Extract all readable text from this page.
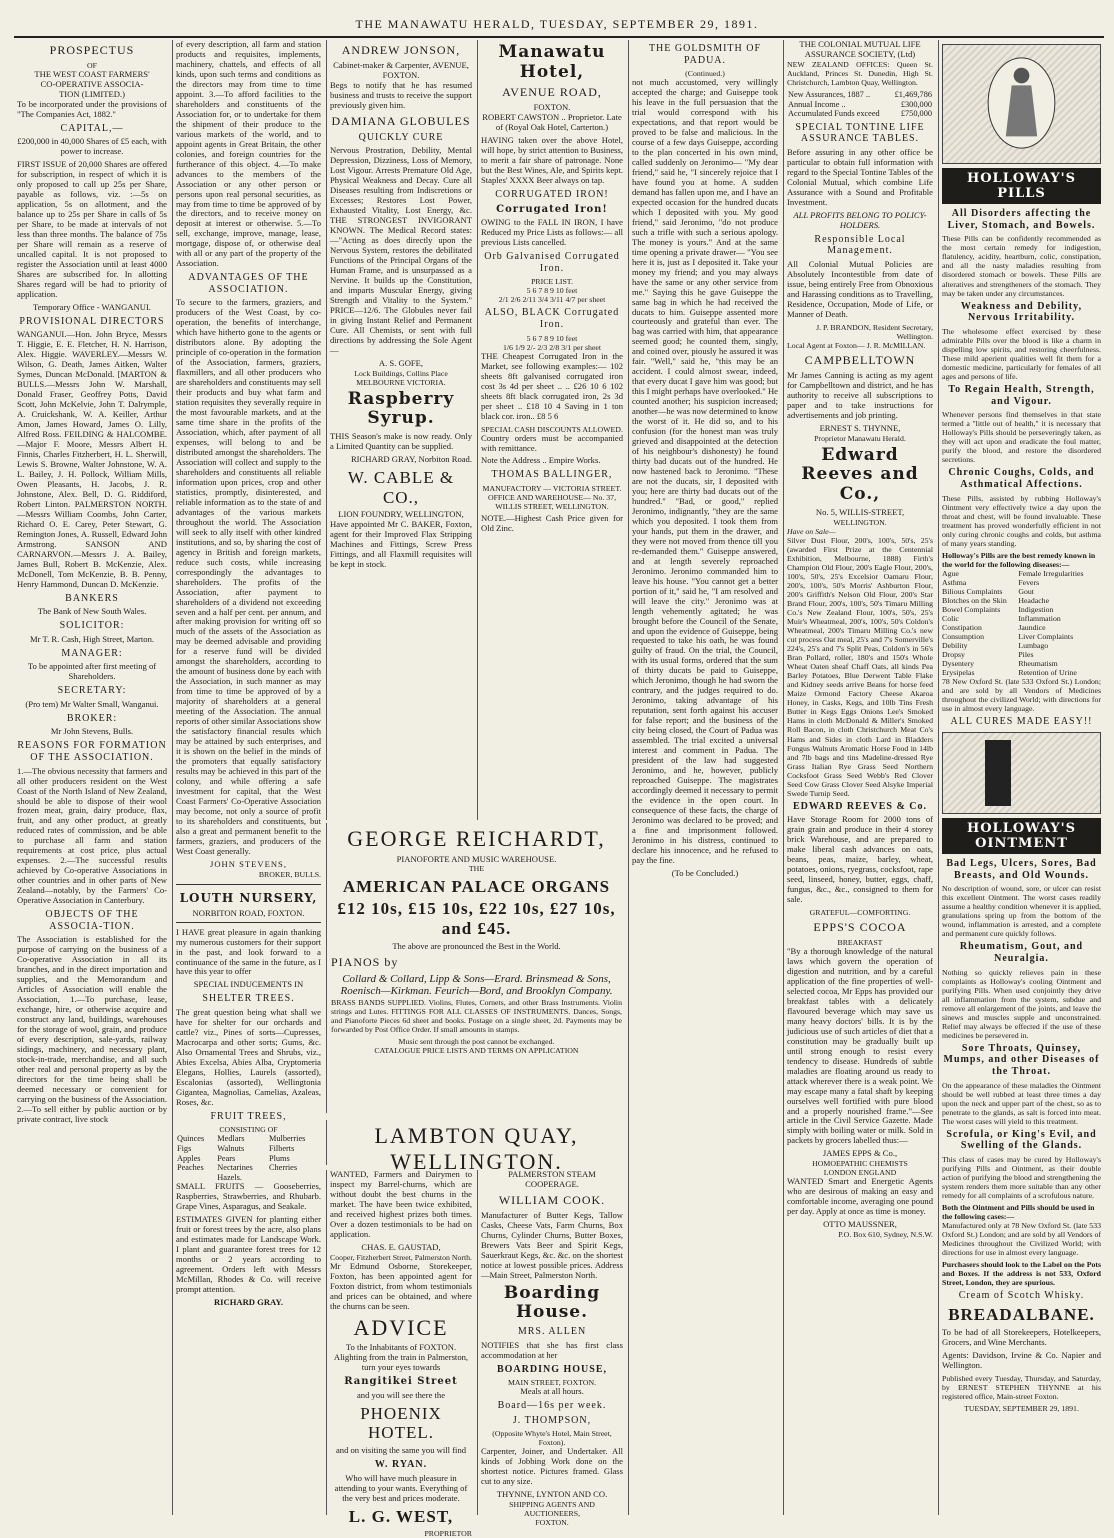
THE MANAWATU HERALD, TUESDAY, SEPTEMBER 29, 1891.
PROSPECTUS
OF
THE WEST COAST FARMERS'
CO-OPERATIVE ASSOCIA-
TION (LIMITED.)

To be incorporated under the provisions of "The Companies Act, 1882."

CAPITAL,—

£200,000 in 40,000 Shares of £5 each, with power to increase.

FIRST ISSUE of 20,000 Shares are offered for subscription, in respect of which it is only proposed to call up 25s per Share, payable as follows, viz. :—5s on application, 5s on allotment, and the balance up to 25s per Share in calls of 5s per Share, to be made at intervals of not less than three months. The balance of 75s per Share will remain as a reserve of uncalled capital. It is not proposed to register the Association until at least 4000 Shares are subscribed for. In allotting Shares regard will be had to priority of application.

Temporary Office - WANGANUI.

PROVISIONAL DIRECTORS

WANGANUI.—Hon. John Bryce, Messrs T. Higgie, E. E. Fletcher, H. N. Harrison, Alex. Higgie. WAVERLEY.—Messrs W. Wilson, G. Death, James Aitken, Walter Symes, Duncan McDonald. [MARTON & BULLS.—Messrs John W. Marshall, Donald Fraser, Geoffrey Potts, David Scott, John McKelvie, John T. Dalrymple, A. Cruickshank, W. A. Keiller, Arthur Amon, James Howard, James O. Lilly, Alfred Ross. FEILDING & HALCOMBE.—Major F. Moore, Messrs Albert H. Finnis, Charles Fitzherbert, H. L. Sherwill, Lewis S. Browne, Walter Johnstone, W. A. L. Bailey, J. H. Pollock, William Mills, Owen Pleasants, H. Jacobs, J. R. Johnstone, Alex. Bell, D. G. Riddiford, Robert Linton. PALMERSTON NORTH.—Messrs William Coombs, John Carter, Richard O. E. Carey, Peter Stewart, G. Remington Jones, A. Russell, Edward John Armstrong. SANSON AND CARNARVON.—Messrs J. A. Bailey, James Bull, Robert B. McKenzie, Alex. McDonell, Tom McKenzie, B. B. Penny, Henry Hammond, Duncan D. McKenzie.

BANKERS

The Bank of New South Wales.

SOLICITOR:

Mr T. R. Cash, High Street, Marton.

MANAGER:

To be appointed after first meeting of Shareholders.

SECRETARY:

(Pro tem) Mr Walter Small, Wanganui.

BROKER:

Mr John Stevens, Bulls.

REASONS FOR FORMATION OF THE ASSOCIATION.

1.—The obvious necessity that farmers and all other producers resident on the West Coast of the North Island of New Zealand, should be able to dispose of their wool frozen meat, grain, dairy produce, flax, fruit, and any other product, at greatly reduced rates of commission, and be able to purchase all farm and station requirements at cost price, plus actual expenses. 2.—The successful results achieved by Co-operative Associations in other countries and in other parts of New Zealand—notably, by the Farmers' Co-Operative Association in Canterbury.

OBJECTS OF THE ASSOCIA-TION.

The Association is established for the purpose of carrying on the business of a Co-operative Association in all its branches, and in the direct importation and supplies, and the Memorandum and Articles of Association will enable the Association, 1.—To purchase, lease, exchange, hire, or otherwise acquire and construct any land, buildings, warehouses for the storage of wool, grain, and produce of every description, sale-yards, railway sidings, machinery, and necessary plant, stock-in-trade, merchandise, and all such other real and personal property as by the directors for the time being shall be deemed necessary or convenient for carrying on the business of the Association. 2.—To sell either by public auction or by private contract, live stock

of every description, all farm and station products and requisites, implements, machinery, chattels, and effects of all kinds, upon such terms and conditions as the directors may from time to time appoint. 3.—To afford facilities to the shareholders and constituents of the Association for, or to undertake for them the shipment of their produce to the various markets of the world, and to appoint agents in Great Britain, the other colonies, and foreign countries for the furtherance of this object. 4.—To make advances to the members of the Association or any other person or persons upon real personal securities, as may from time to time be approved of by the directors, and to receive money on deposit at interest or otherwise. 5.—To sell, exchange, improve, manage, lease, mortgage, dispose of, or otherwise deal with all or any part of the property of the Association.

ADVANTAGES OF THE ASSOCIATION.

To secure to the farmers, graziers, and producers of the West Coast, by co-operation, the benefits of interchange, which have hitherto gone to the agents or distributors alone. By adopting the principle of co-operation in the formation of the Association, farmers, graziers, flaxmillers, and all other producers who are shareholders and constituents may sell their products and buy what farm and station requisites they severally require in the most favourable markets, and at the same time share in the profits of the Association, which, after payment of all expenses, will belong to and be distributed amongst the shareholders. The Association will collect and supply to the shareholders and constituents all reliable information upon prices, crop and other statistics, promptly, disinterested, and reliable information as to the state of and advantages of the various markets throughout the world. The Association will seek to ally itself with other kindred institutions, and so, by sharing the cost of agency in British and foreign markets, reduce such costs, while increasing correspondingly the advantages to shareholders. The profits of the Association, after payment to shareholders of a dividend not exceeding seven and a half per cent. per annum, and after making provision for writing off so much of the assets of the Association as may be deemed advisable and providing for a reserve fund will be divided amongst the shareholders, according to the amount of business done by each with the Association, in such manner as may from time to time be approved of by a majority of shareholders at a general meeting of the Association. The annual reports of other similar Associations show the satisfactory financial results which may be attained by such enterprises, and it is shown on the belief in the minds of the promoters that equally satisfactory results may be achieved in this part of the colony, and while offering a safe investment for capital, that the West Coast Farmers' Co-Operative Association may become, not only a source of profit to its shareholders and constituents, but also a great and permanent benefit to the farmers, graziers, and producers of the West Coast generally.

JOHN STEVENS,
BROKER, BULLS.
LOUTH NURSERY,
NORBITON ROAD, FOXTON.

I HAVE great pleasure in again thanking my numerous customers for their support in the past, and look forward to a continuance of the same in the future, as I have this year to offer

SPECIAL INDUCEMENTS IN
SHELTER TREES.

The great question being what shall we have for shelter for our orchards and cattle? viz., Pines of sorts—Cupresses, Macrocarpa and other sorts; Gums, &c. Also Ornamental Trees and Shrubs, viz., Abies Excelsa, Abies Alba, Cryptomeria Elegans, Hollies, Laurels (assorted), Escalonias (assorted), Wellingtonia Gigantea, Magnolias, Camelias, Azaleas, Roses, &c.

FRUIT TREES,
CONSISTING OF
Quinces	Medlars	Mulberries
Figs	Walnuts	Filberts
Apples	Pears	Plums
Peaches	Nectarines	Cherries
	Hazels.	

SMALL FRUITS — Gooseberries, Raspberries, Strawberries, and Rhubarb. Grape Vines, Asparagus, and Seakale.

ESTIMATES GIVEN for planting either fruit or forest trees by the acre, also plans and estimates made for Landscape Work. I plant and guarantee forest trees for 12 months or 2 years according to agreement. Orders left with Messrs McMillan, Rhodes & Co. will receive prompt attention.

RICHARD GRAY.
ANDREW JONSON,
Cabinet-maker & Carpenter, AVENUE, FOXTON.

Begs to notify that he has resumed business and trusts to receive the support previously given him.

DAMIANA GLOBULES
QUICKLY CURE

Nervous Prostration, Debility, Mental Depression, Dizziness, Loss of Memory, Lost Vigour. Arrests Premature Old Age, Physical Weakness and Decay. Cure all Diseases resulting from Indiscretions or Excesses; Restores Lost Power, Exhausted Vitality, Lost Energy, &c. THE STRONGEST INVIGORANT KNOWN. The Medical Record states:—"Acting as does directly upon the Nervous System, restores the debilitated Functions of the Principal Organs of the Human Frame, and is unsurpassed as a Nervine. It builds up the Constitution, and imparts Muscular Energy, giving Strength and Vitality to the System." PRICE—12/6. The Globules never fail in giving Instant Relief and Permanent Cure. All Chemists, or sent with full directions by addressing the Sole Agent—

A. S. GOFE,
Lock Buildings, Collins Place MELBOURNE VICTORIA.
Raspberry Syrup.

THIS Season's make is now ready. Only a Limited Quantity can be supplied.

RICHARD GRAY, Norbiton Road.
W. CABLE & CO.,
LION FOUNDRY, WELLINGTON,

Have appointed Mr C. BAKER, Foxton, agent for their Improved Flax Stripping Machines and Fittings, Screw Press Fittings, and all Flaxmill requisites will be kept in stock.

Manawatu Hotel,
AVENUE ROAD,
FOXTON.

ROBERT CAWSTON .. Proprietor. Late of (Royal Oak Hotel, Carterton.)

HAVING taken over the above Hotel, will hope, by strict attention to Business, to merit a fair share of patronage. None but the Best Wines, Ale, and Spirits kept. Staples' XXXX Beer always on tap.

CORRUGATED IRON!
Corrugated Iron!

OWING to the FALL IN IRON, I have Reduced my Price Lists as follows:— all previous Lists cancelled.

Orb Galvanised Corrugated Iron.
PRICE LIST.
5 6 7 8 9 10 feet
2/1 2/6 2/11 3/4 3/11 4/7 per sheet
ALSO, BLACK Corrugated Iron.
5 6 7 8 9 10 feet
1/6 1/9 2/- 2/3 2/8 3/1 per sheet

THE Cheapest Corrugated Iron in the Market, see following examples:— 102 sheets 8ft galvanised corrugated iron cost 3s 4d per sheet .. .. £26 10 6 102 sheets 8ft black corrugated iron, 2s 3d per sheet .. £18 10 4 Saving in 1 ton black cor. iron.. £8 5 6

SPECIAL CASH DISCOUNTS ALLOWED.

Country orders must be accompanied with remittance.

Note the Address .. Empire Works.

THOMAS BALLINGER,

MANUFACTORY — VICTORIA STREET. OFFICE AND WAREHOUSE— No. 37, WILLIS STREET, WELLINGTON.

NOTE.—Highest Cash Price given for Old Zinc.

GEORGE REICHARDT,
PIANOFORTE AND MUSIC WAREHOUSE.
THE
AMERICAN PALACE ORGANS
£12 10s, £15 10s, £22 10s, £27 10s, and £45.
The above are pronounced the Best in the World.
PIANOS by
Collard & Collard, Lipp & Sons—Erard. Brinsmead & Sons, Roenisch—Kirkman. Feurich—Bord, and Brooklyn Company.

BRASS BANDS SUPPLIED. Violins, Flutes, Cornets, and other Brass Instruments. Violin strings and Lutes. FITTINGS FOR ALL CLASSES OF INSTRUMENTS. Dances, Songs, and Pianoforte Pieces 6d sheet and books. Postage on a single sheet, 2d. Payments may be forwarded by Post Office Order. If small amounts in stamps.

Music sent through the post cannot be exchanged.
CATALOGUE PRICE LISTS AND TERMS ON APPLICATION
LAMBTON QUAY, WELLINGTON.

WANTED, Farmers and Dairymen to inspect my Barrel-churns, which are without doubt the best churns in the market. The have been twice exhibited, and received highest prizes both times. Over a dozen testimonials to be had on application.

CHAS. E. GAUSTAD,
Cooper, Fitzherbert Street, Palmerston North.

Mr Edmund Osborne, Storekeeper, Foxton, has been appointed agent for Foxton district, from whom testimonials and prices can be obtained, and where the churns can be seen.

ADVICE
To the Inhabitants of FOXTON.

Alighting from the train in Palmerston, turn your eyes towards

Rangitikei Street
and you will see there the
PHOENIX HOTEL.
and on visiting the same you will find
W. RYAN.

Who will have much pleasure in attending to your wants. Everything of the very best and prices moderate.

L. G. WEST,
PROPRIETOR
PALMERSTON STEAM COOPERAGE.
WILLIAM COOK.

Manufacturer of Butter Kegs, Tallow Casks, Cheese Vats, Farm Churns, Box Churns, Cylinder Churns, Butter Boxes, Brewers Vats Beer and Spirit Kegs, Sauerkraut Kegs, &c. &c. on the shortest notice at lowest possible prices. Address—Main Street, Palmerston North.

Boarding House.
MRS. ALLEN

NOTIFIES that she has first class accommodation at her

BOARDING HOUSE,
MAIN STREET, FOXTON.
Meals at all hours.
Board—16s per week.
J. THOMPSON,
(Opposite Whyte's Hotel, Main Street, Foxton).

Carpenter, Joiner, and Undertaker. All kinds of Jobbing Work done on the shortest notice. Pictures framed. Glass cut to any size.

THYNNE, LYNTON AND CO.
SHIPPING AGENTS AND AUCTIONEERS,
FOXTON.
THE GOLDSMITH OF PADUA.
(Continued.)

not much accustomed, very willingly accepted the charge; and Guiseppe took his leave in the full persuasion that the trial would correspond with his expectations, and that report would be proved to be false and malicious. In the course of a few days Guiseppe, according to the plan concerted in his own mind, called suddenly on Jeronimo— "My dear friend," said he, "I sincerely rejoice that I have found you at home. A sudden demand has fallen upon me, and I have an expected occasion for the hundred ducats which I deposited with you. My good friend," said Jeronimo, "do not produce such a trifle with such a serious apology. The money is yours." And at the same time opening a private drawer— "You see here it is, just as I deposited it. Take your money my friend; and you may always have the same or any other service from me." Saying this he gave Guiseppe the same bag in which he had received the ducats to him. Guiseppe assented more courteously and grateful than ever. The bag was carried with him, that appearance seemed good; he counted them, singly, and coined over, piously he assured it was fair. "Well," said he, "this may be an accident. I could almost swear, indeed, that every ducat I gave him was good; but this I might perhaps have overlooked." He counted another; his suspicion increased; another—he was now determined to know the worst of it. He did so, and to his confusion (for the honest man was truly grieved and disappointed at the detection of his neighbour's dishonesty) he found thirty bad ducats out of the hundred. He now hastened back to Jeronimo. "These are not the ducats, sir, I deposited with you; here are thirty bad ducats out of the hundred." "Bad, or good," replied Jeronimo, indignantly, "they are the same which you deposited. I took them from your hands, put them in the drawer, and they were not moved from thence till you re-demanded them." Guiseppe answered, and at length severely reproached Jeronimo. Jeronimo commanded him to leave his house. "You cannot get a better portion of it," said he, "I am resolved and will leave the city." Jeronimo was at length vehemently agitated; he was brought before the Council of the Senate, and upon the evidence of Guiseppe, being requested to take his oath, he was found guilty of fraud. On the trial, the Council, with its usual forms, ordered that the sum of thirty ducats be paid to Guiseppe, which Jeronimo, though he had sworn the contrary, and the judges required to do. Jeronimo, taking advantage of his reputation, sent forth against his accuser for false report; and the business of the city being closed, the Court of Padua was assembled. The trial excited a universal interest and comment in Padua. The president of the law had suggested Jeronimo, and he, however, publicly reproached Guiseppe. The magistrates accordingly deemed it necessary to permit the evidence in the open court. In consequence of these facts, the charge of Jeronimo was declared to be proved; and a fine and imprisonment followed. Jeronimo in his distress, continued to declare his innocence, and he refused to pay the fine.

(To be Concluded.)
THE COLONIAL MUTUAL LIFE ASSURANCE SOCIETY, (Ltd)

NEW ZEALAND OFFICES: Queen St. Auckland, Princes St. Dunedin, High St. Christchurch, Lambton Quay, Wellington.

New Assurances, 1887 ..	£1,469,786
Annual Income ..	£300,000
Accumulated Funds exceed	£750,000
SPECIAL TONTINE LIFE ASSURANCE TABLES.

Before assuring in any other office be particular to obtain full information with regard to the Special Tontine Tables of the Colonial Mutual, which combine Life Assurance with a Sound and Profitable Investment.

ALL PROFITS BELONG TO POLICY-HOLDERS.
Responsible Local Management.

All Colonial Mutual Policies are Absolutely Incontestible from date of issue, being entirely Free from Obnoxious and Harassing conditions as to Travelling, Residence, Occupation, Mode of Life, or Manner of Death.

J. P. BRANDON, Resident Secretary, Wellington.
Local Agent at Foxton— J. R. McMILLAN.
CAMPBELLTOWN

Mr James Canning is acting as my agent for Campbelltown and district, and he has authority to receive all subscriptions to paper and to take instructions for advertisements and job printing.

ERNEST S. THYNNE,
Proprietor Manawatu Herald.
Edward Reeves and Co.,
No. 5, WILLIS-STREET,
WELLINGTON.
Have on Sale—

Silver Dust Flour, 200's, 100's, 50's, 25's (awarded First Prize at the Centennial Exhibition, Melbourne, 1888) Firth's Champion Old Flour, 200's Eagle Flour, 200's, 100's, 50's, 25's Excelsior Oamaru Flour, 200's, 100's, 50's Morris' Ashburton Flour, 200's Griffith's Nelson Old Flour, 200's Star Brand Flour, 200's, 100's, 50's Timaru Milling Co.'s New Zealand Flour, 100's, 50's, 25's Muir's Wheatmeal, 200's, 100's, 50's Coldon's Wheatmeal, 200's Timaru Milling Co.'s new cut process Oat meal, 25's and 7's Somerville's 224's, 25's and 7's Split Peas, Coldon's in 56's Bran Pollard, roller, 180's and 150's Whole Wheat Oaten sheaf Chaff Oats, all kinds Pea Barley Potatoes, Blue Derwent Table Flake and Kidney seeds arrive Beans for horse feed Maize Ormond Factory Cheese Akaroa Honey, in Casks, Kegs, and 10lb Tins Fresh Butter in Kegs Eggs Onions Lee's Smoked Hams in cloth McDonald & Miller's Smoked Roll Bacon, in cloth Christchurch Meat Co's Hams and Sides in cloth Lard in Bladders Fungus Walnuts Aromatic Horse Food in 14lb and 7lb bags and tins Madeline-dressed Rye Grass Italian Rye Grass Seed Northern Cocksfoot Grass Seed Webb's Red Clover Seed Cow Grass Clover Seed Alsyke Imperial Swede Turnip Seed.

EDWARD REEVES & Co.

Have Storage Room for 2000 tons of grain grain and produce in their 4 storey brick Warehouse, and are prepared to make liberal cash advances on oats, beans, peas, maize, barley, wheat, potatoes, onions, ryegrass, cocksfoot, rape seed, linseed, honey, butter, eggs, chaff, fungus, &c., &c., consigned to them for sale.

GRATEFUL—COMFORTING.
EPPS'S COCOA
BREAKFAST

"By a thorough knowledge of the natural laws which govern the operation of digestion and nutrition, and by a careful application of the fine properties of well-selected cocoa, Mr Epps has provided our breakfast tables with a delicately flavoured beverage which may save us many heavy doctors' bills. It is by the judicious use of such articles of diet that a constitution may be gradually built up until strong enough to resist every tendency to disease. Hundreds of subtle maladies are floating around us ready to attack wherever there is a weak point. We may escape many a fatal shaft by keeping ourselves well fortified with pure blood and a properly nourished frame."—See article in the Civil Service Gazette. Made simply with boiling water or milk. Sold in packets by grocers labelled thus:—

JAMES EPPS & Co.,
HOMOEPATHIC CHEMISTS
LONDON ENGLAND

WANTED Smart and Energetic Agents who are desirous of making an easy and comfortable income, averaging one pound per day. Apply at once as time is money.

OTTO MAUSSNER,
P.O. Box 610, Sydney, N.S.W.
HOLLOWAY'S PILLS
All Disorders affecting the Liver, Stomach, and Bowels.

These Pills can be confidently recommended as the most certain remedy for indigestion, flatulency, acidity, heartburn, colic, constipation, and all the nasty maladies resulting from disordered stomach or bowels. These Pills are alteratives and strengtheners of the stomach. They may be taken under any circumstances.

Weakness and Debility, Nervous Irritability.

The wholesome effect exercised by these admirable Pills over the blood is like a charm in dispelling low spirits, and restoring cheerfulness. These mild aperient qualities well fit them for a domestic medicine, particularly for females of all ages and persons of life.

To Regain Health, Strength, and Vigour.

Whenever persons find themselves in that state termed a "little out of health," it is necessary that Holloway's Pills should be perseveringly taken, as they will act upon and eradicate the foul matter, purify the blood, and restore the disordered secretions.

Chronic Coughs, Colds, and Asthmatical Affections.

These Pills, assisted by rubbing Holloway's Ointment very effectively twice a day upon the throat and chest, will be found invaluable. These treatment has proved wonderfully efficient in not only curing chronic coughs and colds, but asthma of many years standing.

Holloway's Pills are the best remedy known in the world for the following diseases:—
Ague	Female Irregularities Asthma	Fevers Bilious Complaints Gout Blotches on the Skin Headache Bowel Complaints Indigestion Colic	Inflammation Constipation	Jaundice Consumption	Liver Complaints Debility	Lumbago Dropsy	Piles Dysentery	Rheumatism Erysipelas	Retention of Urine

78 New Oxford St. (late 533 Oxford St.) London; and are sold by all Vendors of Medicines throughout the civilized World; with directions for use in almost every language.

ALL CURES MADE EASY!!
HOLLOWAY'S OINTMENT
Bad Legs, Ulcers, Sores, Bad Breasts, and Old Wounds.

No description of wound, sore, or ulcer can resist this excellent Ointment. The worst cases readily assume a healthy condition whenever it is applied, granulations spring up from the bottom of the wound, inflammation is arrested, and a complete and permanent cure quickly follows.

Rheumatism, Gout, and Neuralgia.

Nothing so quickly relieves pain in these complaints as Holloway's cooling Ointment and purifying Pills. When used conjointly they drive all inflammation from the system, subdue and remove all enlargement of the joints, and leave the sinews and muscles supple and unconstrained. Relief may always be effected if the use of these medicines be persevered in.

Sore Throats, Quinsey, Mumps, and other Diseases of the Throat.

On the appearance of these maladies the Ointment should be well rubbed at least three times a day upon the neck and upper part of the chest, so as to penetrate to the glands, as salt is forced into meat. The worst cases will yield to this treatment.

Scrofula, or King's Evil, and Swelling of the Glands.

This class of cases may be cured by Holloway's purifying Pills and Ointment, as their double action of purifying the blood and strengthening the system renders them more suitable than any other remedy for all complaints of a scrofulous nature.

Both the Ointment and Pills should be used in the following cases:—

Manufactured only at 78 New Oxford St. (late 533 Oxford St.) London; and are sold by all Vendors of Medicines throughout the Civilized World; with directions for use in almost every language.

Purchasers should look to the Label on the Pots and Boxes. If the address is not 533, Oxford Street, London, they are spurious.

Cream of Scotch Whisky.
BREADALBANE.

To be had of all Storekeepers, Hotelkeepers, Grocers, and Wine Merchants.

Agents: Davidson, Irvine & Co. Napier and Wellington.

Published every Tuesday, Thursday, and Saturday, by ERNEST STEPHEN THYNNE at his registered office, Main-street Foxton.

TUESDAY, SEPTEMBER 29, 1891.
